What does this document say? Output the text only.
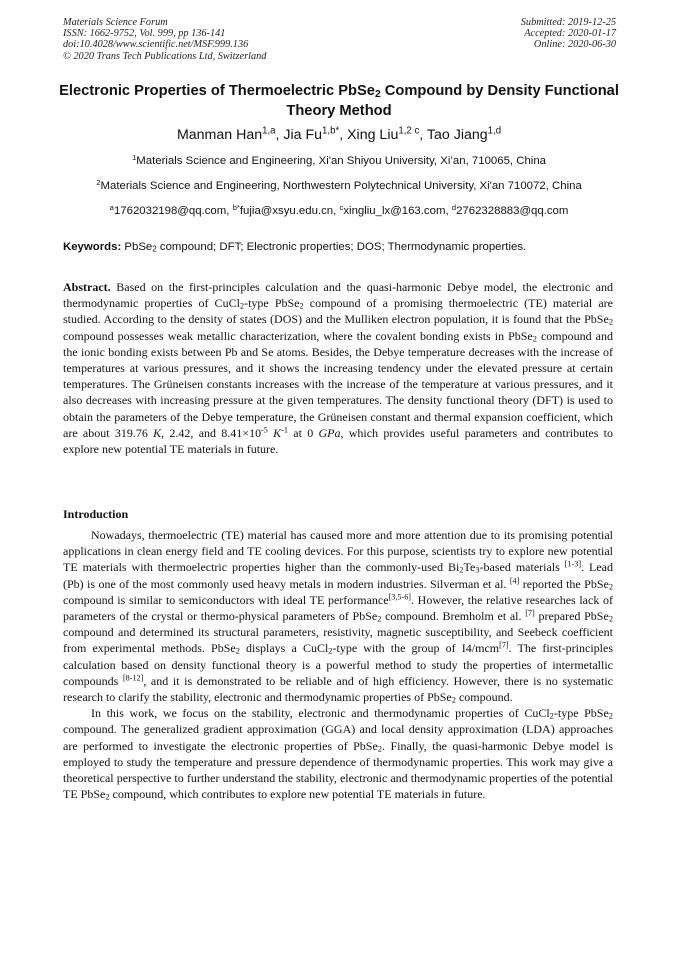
Materials Science Forum
ISSN: 1662-9752, Vol. 999, pp 136-141
doi:10.4028/www.scientific.net/MSF.999.136
© 2020 Trans Tech Publications Ltd, Switzerland
Submitted: 2019-12-25
Accepted: 2020-01-17
Online: 2020-06-30
Electronic Properties of Thermoelectric PbSe$_2$ Compound by Density Functional Theory Method
Manman Han$^{1,a}$, Jia $Fu^{1,b*}$, Xing Liu$^{1,2 c}$, Tao Jiang$^{1,d}$
$^1$Materials Science and Engineering, Xi'an Shiyou University, Xi’an, 710065, China
$^2$Materials Science and Engineering, Northwestern Polytechnical University, Xi'an 710072, China
$^a$1762032198@qq.com, $^{b*}$fujia@xsyu.edu.cn, $^c$xingliu_lx@163.com, $^d$2762328883@qq.com
Keywords: PbSe$_2$ compound; DFT; Electronic properties; DOS; Thermodynamic properties.
Abstract. Based on the first-principles calculation and the quasi-harmonic Debye model, the electronic and thermodynamic properties of CuCl$_2$-type PbSe$_2$ compound of a promising thermoelectric (TE) material are studied. According to the density of states (DOS) and the Mulliken electron population, it is found that the PbSe$_2$ compound possesses weak metallic characterization, where the covalent bonding exists in PbSe$_2$ compound and the ionic bonding exists between Pb and Se atoms. Besides, the Debye temperature decreases with the increase of temperatures at various pressures, and it shows the increasing tendency under the elevated pressure at certain temperatures. The Grüneisen constants increases with the increase of the temperature at various pressures, and it also decreases with increasing pressure at the given temperatures. The density functional theory (DFT) is used to obtain the parameters of the Debye temperature, the Grüneisen constant and thermal expansion coefficient, which are about 319.76 K, 2.42, and $8.41\times 10^{-5}$ $K^{-1}$ at 0 GPa, which provides useful parameters and contributes to explore new potential TE materials in future.
Introduction

Nowadays, thermoelectric (TE) material has caused more and more attention due to its promising potential applications in clean energy field and TE cooling devices. For this purpose, scientists try to explore new potential TE materials with thermoelectric properties higher than the commonly-used $Bi_2Te_3$-based materials [1-3]. Lead (Pb) is one of the most commonly used heavy metals in modern industries. Silverman et al. [4] reported the PbSe$_2$ compound is similar to semiconductors with ideal TE performance[3,5-6]. However, the relative researches lack of parameters of the crystal or thermo-physical parameters of PbSe$_2$ compound. Bremholm et al. [7] prepared PbSe$_2$ compound and determined its structural parameters, resistivity, magnetic susceptibility, and Seebeck coefficient from experimental methods. PbSe$_2$ displays a CuCl$_2$-type with the group of I4/mcm[7]. The first-principles calculation based on density functional theory is a powerful method to study the properties of intermetallic compounds [8-12], and it is demonstrated to be reliable and of high efficiency. However, there is no systematic research to clarify the stability, electronic and thermodynamic properties of PbSe$_2$ compound.

In this work, we focus on the stability, electronic and thermodynamic properties of CuCl$_2$-type PbSe$_2$ compound. The generalized gradient approximation (GGA) and local density approximation (LDA) approaches are performed to investigate the electronic properties of PbSe$_2$. Finally, the quasi-harmonic Debye model is employed to study the temperature and pressure dependence of thermodynamic properties. This work may give a theoretical perspective to further understand the stability, electronic and thermodynamic properties of the potential TE PbSe$_2$ compound, which contributes to explore new potential TE materials in future.
